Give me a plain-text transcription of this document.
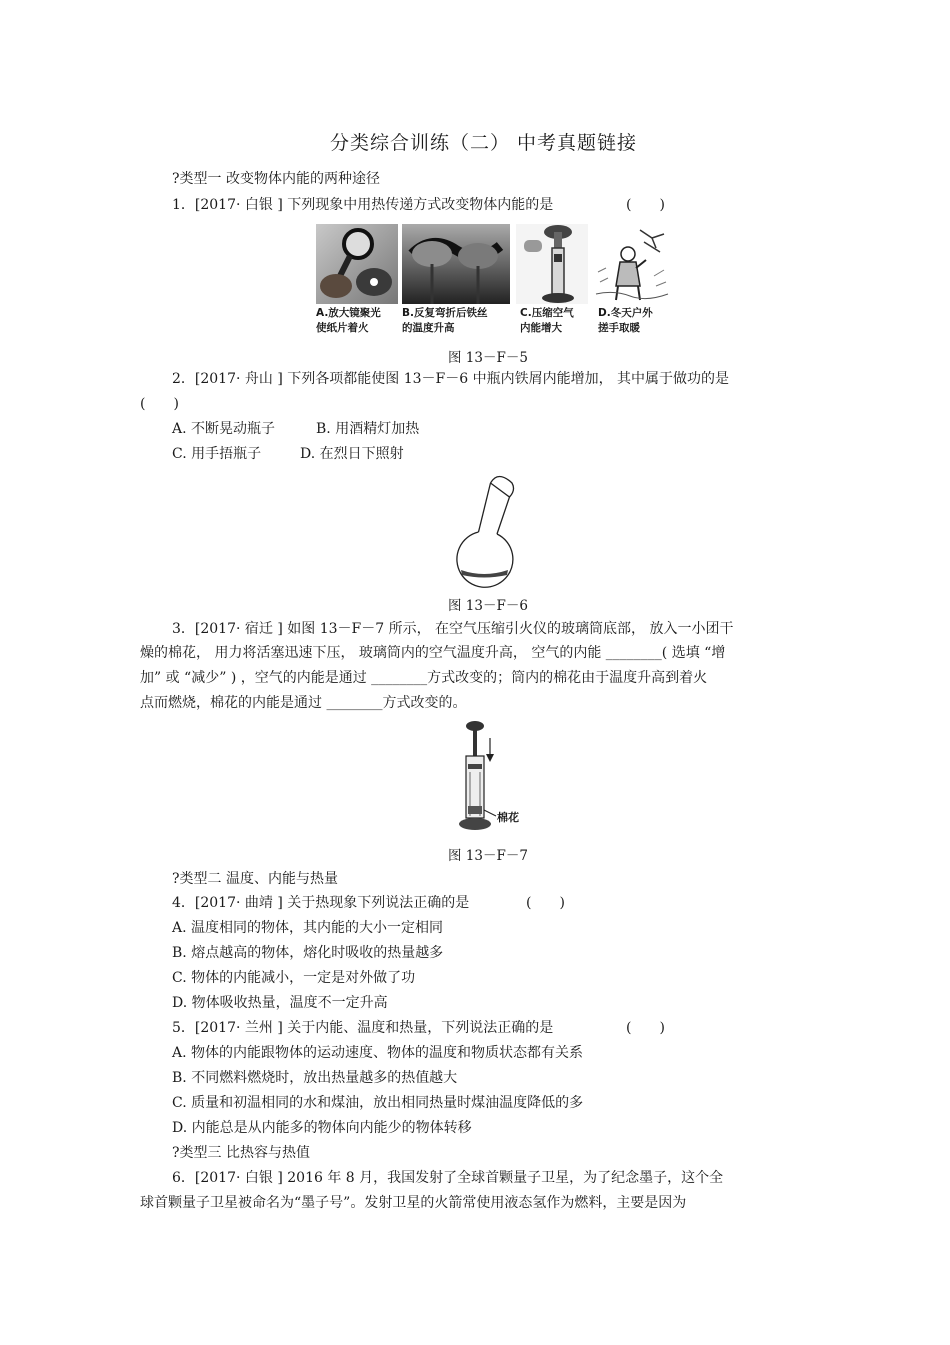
分类综合训练（二） 中考真题链接
?类型一 改变物体内能的两种途径
1．[2017· 白银 ] 下列现象中用热传递方式改变物体内能的是	(　　)
A.放大镜聚光
使纸片着火
B.反复弯折后铁丝
的温度升高
C.压缩空气
内能增大
D.冬天户外
搓手取暖
图 13－F－5
2．[2017· 舟山 ] 下列各项都能使图 13－F－6 中瓶内铁屑内能增加， 其中属于做功的是
(　　)
A. 不断晃动瓶子	B. 用酒精灯加热
C. 用手捂瓶子	D. 在烈日下照射
图 13－F－6
3．[2017· 宿迁 ] 如图 13－F－7 所示， 在空气压缩引火仪的玻璃筒底部， 放入一小团干
燥的棉花， 用力将活塞迅速下压， 玻璃筒内的空气温度升高， 空气的内能 ________( 选填 “增
加” 或 “减少” ) ，空气的内能是通过 ________方式改变的；筒内的棉花由于温度升高到着火
点而燃烧，棉花的内能是通过 ________方式改变的。
棉花
图 13－F－7
?类型二 温度、内能与热量
4．[2017· 曲靖 ] 关于热现象下列说法正确的是	(　　)
A. 温度相同的物体，其内能的大小一定相同
B. 熔点越高的物体，熔化时吸收的热量越多
C. 物体的内能减小，一定是对外做了功
D. 物体吸收热量，温度不一定升高
5．[2017· 兰州 ] 关于内能、温度和热量，下列说法正确的是	(　　)
A. 物体的内能跟物体的运动速度、物体的温度和物质状态都有关系
B. 不同燃料燃烧时，放出热量越多的热值越大
C. 质量和初温相同的水和煤油，放出相同热量时煤油温度降低的多
D. 内能总是从内能多的物体向内能少的物体转移
?类型三 比热容与热值
6．[2017· 白银 ] 2016 年 8 月，我国发射了全球首颗量子卫星，为了纪念墨子，这个全
球首颗量子卫星被命名为“墨子号”。发射卫星的火箭常使用液态氢作为燃料，主要是因为
